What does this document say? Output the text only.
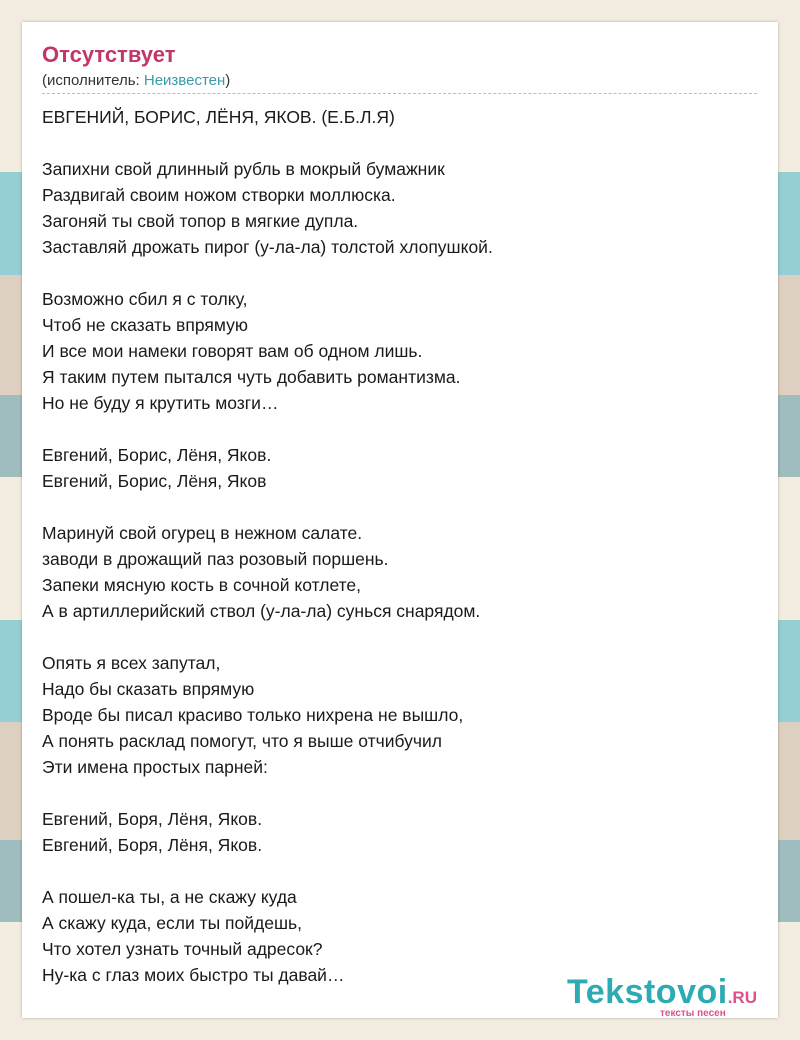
Отсутствует
(исполнитель: Неизвестен)
ЕВГЕНИЙ, БОРИС, ЛЁНЯ, ЯКОВ. (Е.Б.Л.Я)
Запихни свой длинный рубль в мокрый бумажник
Раздвигай своим ножом створки моллюска.
Загоняй ты свой топор в мягкие дупла.
Заставляй дрожать пирог (у-ла-ла) толстой хлопушкой.
Возможно сбил я с толку,
Чтоб не сказать впрямую
И все мои намеки говорят вам об одном лишь.
Я таким путем пытался чуть добавить романтизма.
Но не буду я крутить мозги…
Евгений, Борис, Лёня, Яков.
Евгений, Борис, Лёня, Яков
Маринуй свой огурец в нежном салате.
заводи в дрожащий паз розовый поршень.
Запеки мясную кость в сочной котлете,
А в артиллерийский ствол (у-ла-ла) сунься снарядом.
Опять я всех запутал,
Надо бы сказать впрямую
Вроде бы писал красиво только нихрена не вышло,
А понять расклад помогут, что я выше отчибучил
Эти имена простых парней:
Евгений, Боря, Лёня, Яков.
Евгений, Боря, Лёня, Яков.
А пошел-ка ты, а не скажу куда
А скажу куда, если ты пойдешь,
Что хотел узнать точный адресок?
Ну-ка с глаз моих быстро ты давай…	Tekstovoi.RU
тексты песен
